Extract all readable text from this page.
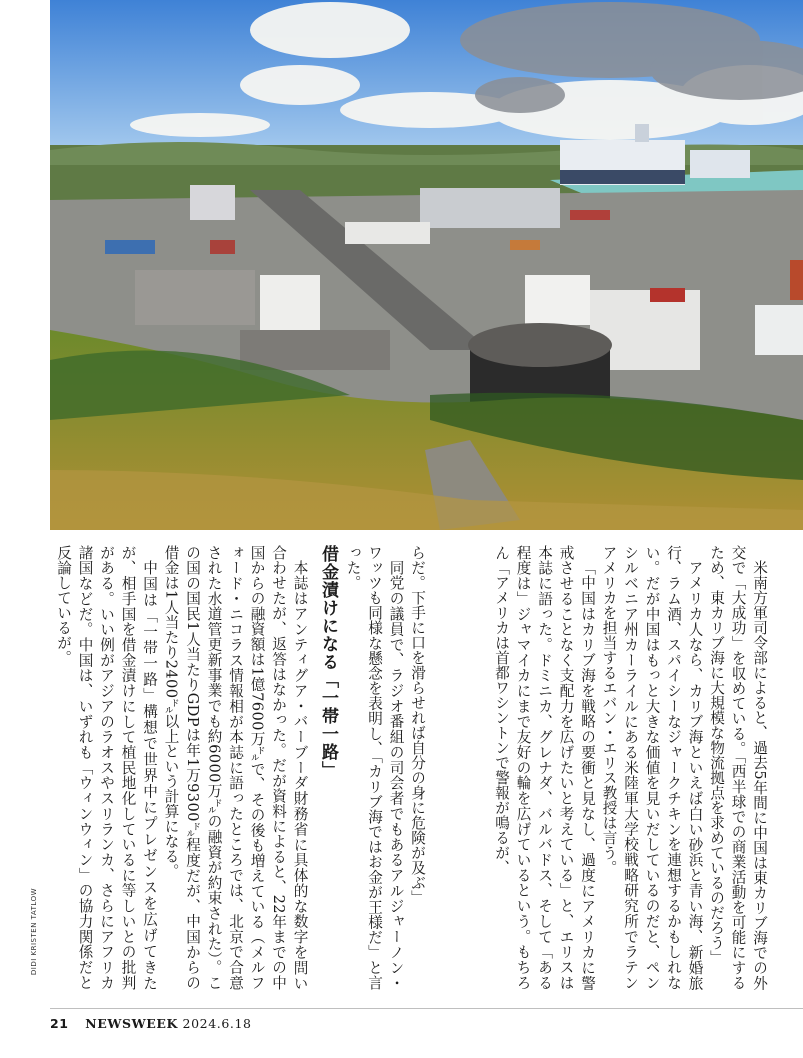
DIDI KRISTEN TATLOW

らだ。下手に口を滑らせれば自分の身に危険が及ぶ」

同党の議員で、ラジオ番組の司会者でもあるアルジャーノン・ワッツも同様な懸念を表明し、「カリブ海ではお金が王様だ」と言った。

借金漬けになる「一帯一路」

本誌はアンティグア・バーブーダ財務省に具体的な数字を問い合わせたが、返答はなかった。だが資料によると、22年までの中国からの融資額は1億7600万㌦で、その後も増えている（メルフォード・ニコラス情報相が本誌に語ったところでは、北京で合意された水道管更新事業でも約6000万㌦の融資が約束された）。この国の国民1人当たりGDPは年1万9300㌦程度だが、中国からの借金は1人当たり2400㌦以上という計算になる。

中国は「一帯一路」構想で世界中にプレゼンスを広げてきたが、相手国を借金漬けにして植民地化しているに等しいとの批判がある。いい例がアジアのラオスやスリランカ、さらにアフリカ諸国などだ。中国は、いずれも「ウィンウィン」の協力関係だと反論しているが。	米南方軍司令部によると、過去5年間に中国は東カリブ海での外交で「大成功」を収めている。「西半球での商業活動を可能にするため、東カリブ海に大規模な物流拠点を求めているのだろう」

アメリカ人なら、カリブ海といえば白い砂浜と青い海、新婚旅行、ラム酒、スパイシーなジャークチキンを連想するかもしれない。だが中国はもっと大きな価値を見いだしているのだと、ペンシルベニア州カーライルにある米陸軍大学校戦略研究所でラテンアメリカを担当するエバン・エリス教授は言う。

「中国はカリブ海を戦略の要衝と見なし、過度にアメリカに警戒させることなく支配力を広げたいと考えている」と、エリスは本誌に語った。ドミニカ、グレナダ、バルバドス、そして「ある程度は」ジャマイカにまで友好の輪を広げているという。もちろん「アメリカは首都ワシントンで警報が鳴るが、

21 NEWSWEEK 2024.6.18
